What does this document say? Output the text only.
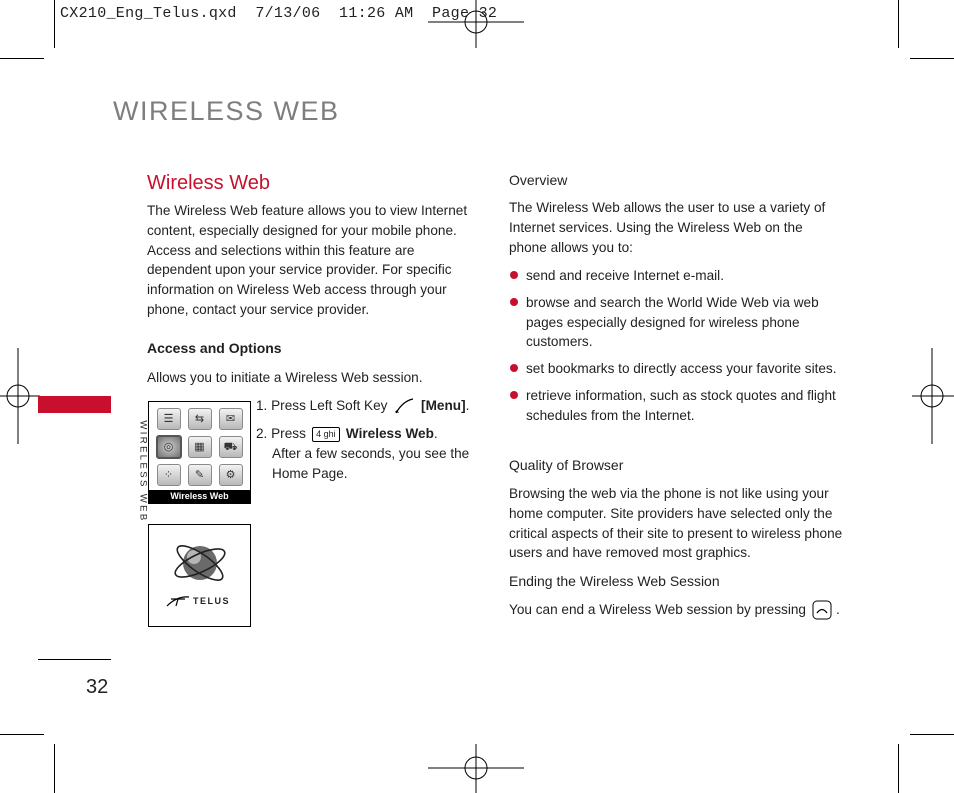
CX210_Eng_Telus.qxd  7/13/06  11:26 AM  Page 32
WIRELESS WEB
WIRELESS WEB
32
Wireless Web
The Wireless Web feature allows you to view Internet content, especially designed for your mobile phone. Access and selections within this feature are dependent upon your service provider. For specific information on Wireless Web access through your phone, contact your service provider.
Access and Options
Allows you to initiate a Wireless Web session.
1. Press Left Soft Key [Menu].
2. Press 4 ghi Wireless Web.

After a few seconds, you see the Home Page.
☰	⇆	✉
◎	▦	⛟
⁘	✎	⚙
Wireless Web
TELUS
Overview
The Wireless Web allows the user to use a variety of Internet services. Using the Wireless Web on the phone allows you to:
send and receive Internet e-mail.
browse and search the World Wide Web via web pages especially designed for wireless phone customers.
set bookmarks to directly access your favorite sites.
retrieve information, such as stock quotes and flight schedules from the Internet.
Quality of Browser
Browsing the web via the phone is not like using your home computer. Site providers have selected only the critical aspects of their site to present to wireless phone users and have removed most graphics.
Ending the Wireless Web Session
You can end a Wireless Web session by pressing .
